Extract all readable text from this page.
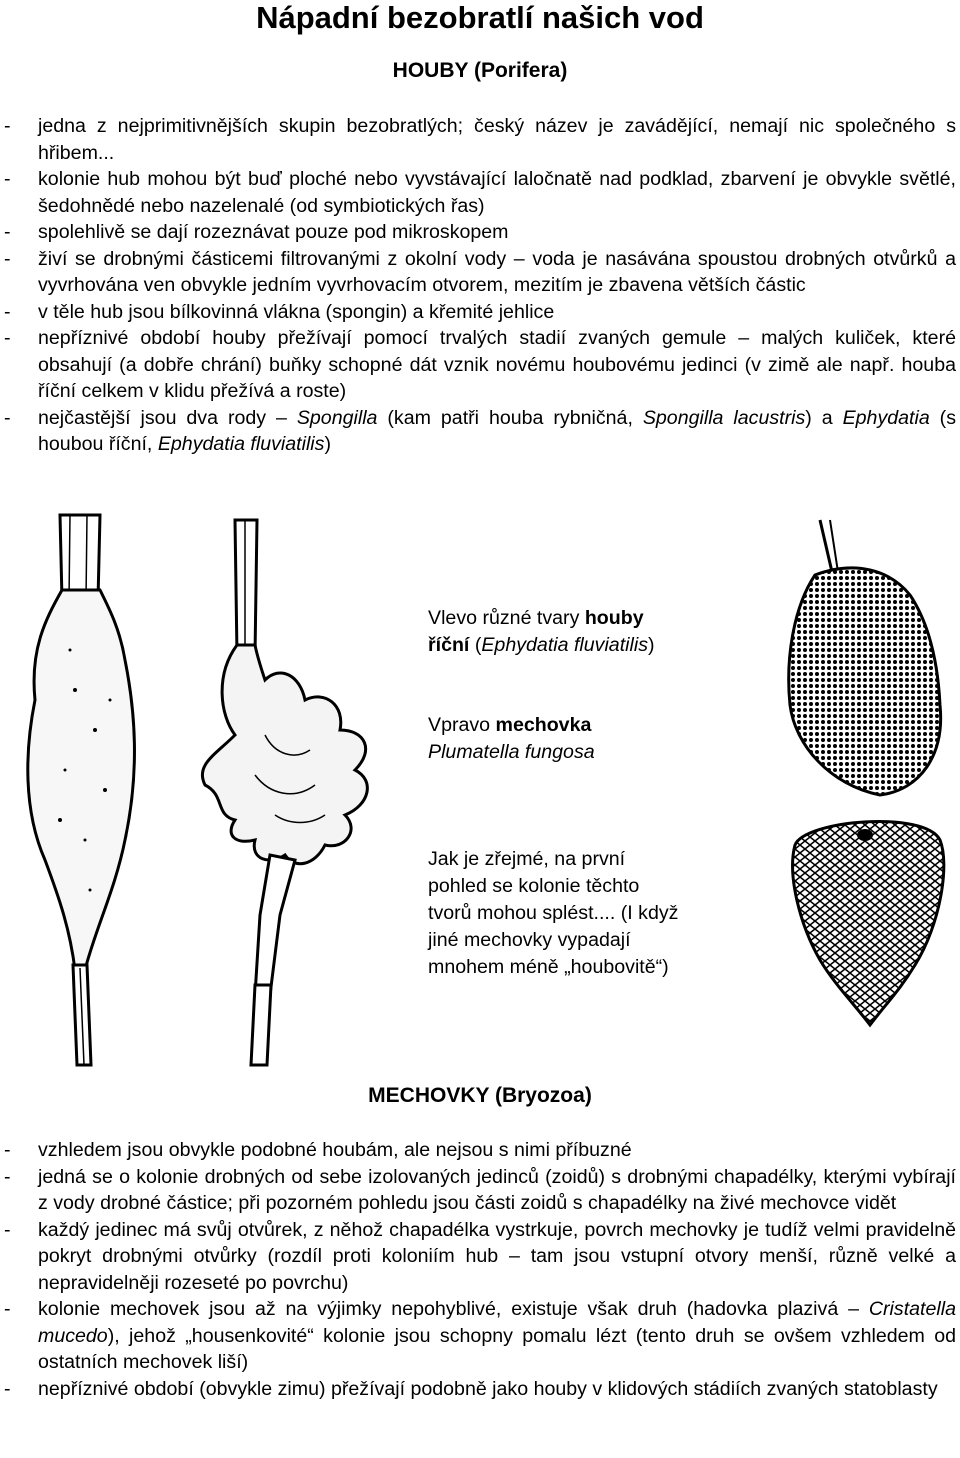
Nápadní bezobratlí našich vod
HOUBY (Porifera)
- jedna z nejprimitivnějších skupin bezobratlých; český název je zavádějící, nemají nic společného s hřibem...
- kolonie hub mohou být buď ploché nebo vyvstávající laločnatě nad podklad, zbarvení je obvykle světlé, šedohnědé nebo nazelenalé (od symbiotických řas)
- spolehlivě se dají rozeznávat pouze pod mikroskopem
- živí se drobnými částicemi filtrovanými z okolní vody – voda je nasávána spoustou drobných otvůrků a vyvrhována ven obvykle jedním vyvrhovacím otvorem, mezitím je zbavena větších částic
- v těle hub jsou bílkovinná vlákna (spongin) a křemité jehlice
- nepříznivé období houby přežívají pomocí trvalých stadií zvaných gemule – malých kuliček, které obsahují (a dobře chrání) buňky schopné dát vznik novému houbovému jedinci (v zimě ale např. houba říční celkem v klidu přežívá a roste)
- nejčastější jsou dva rody – Spongilla (kam patři houba rybničná, Spongilla lacustris) a Ephydatia (s houbou říční, Ephydatia fluviatilis)
Vlevo různé tvary houby
říční (Ephydatia fluviatilis)
Vpravo mechovka
Plumatella fungosa
Jak je zřejmé, na první
pohled se kolonie těchto
tvorů mohou splést.... (I když
jiné mechovky vypadají
mnohem méně „houbovitě“)
MECHOVKY (Bryozoa)
- vzhledem jsou obvykle podobné houbám, ale nejsou s nimi příbuzné
- jedná se o kolonie drobných od sebe izolovaných jedinců (zoidů) s drobnými chapadélky, kterými vybírají z vody drobné částice; při pozorném pohledu jsou části zoidů s chapadélky na živé mechovce vidět
- každý jedinec má svůj otvůrek, z něhož chapadélka vystrkuje, povrch mechovky je tudíž velmi pravidelně pokryt drobnými otvůrky (rozdíl proti koloniím hub – tam jsou vstupní otvory menší, různě velké a nepravidelněji rozeseté po povrchu)
- kolonie mechovek jsou až na výjimky nepohyblivé, existuje však druh (hadovka plazivá – Cristatella mucedo), jehož „housenkovité“ kolonie jsou schopny pomalu lézt (tento druh se ovšem vzhledem od ostatních mechovek liší)
- nepříznivé období (obvykle zimu) přežívají podobně jako houby v klidových stádiích zvaných statoblasty
